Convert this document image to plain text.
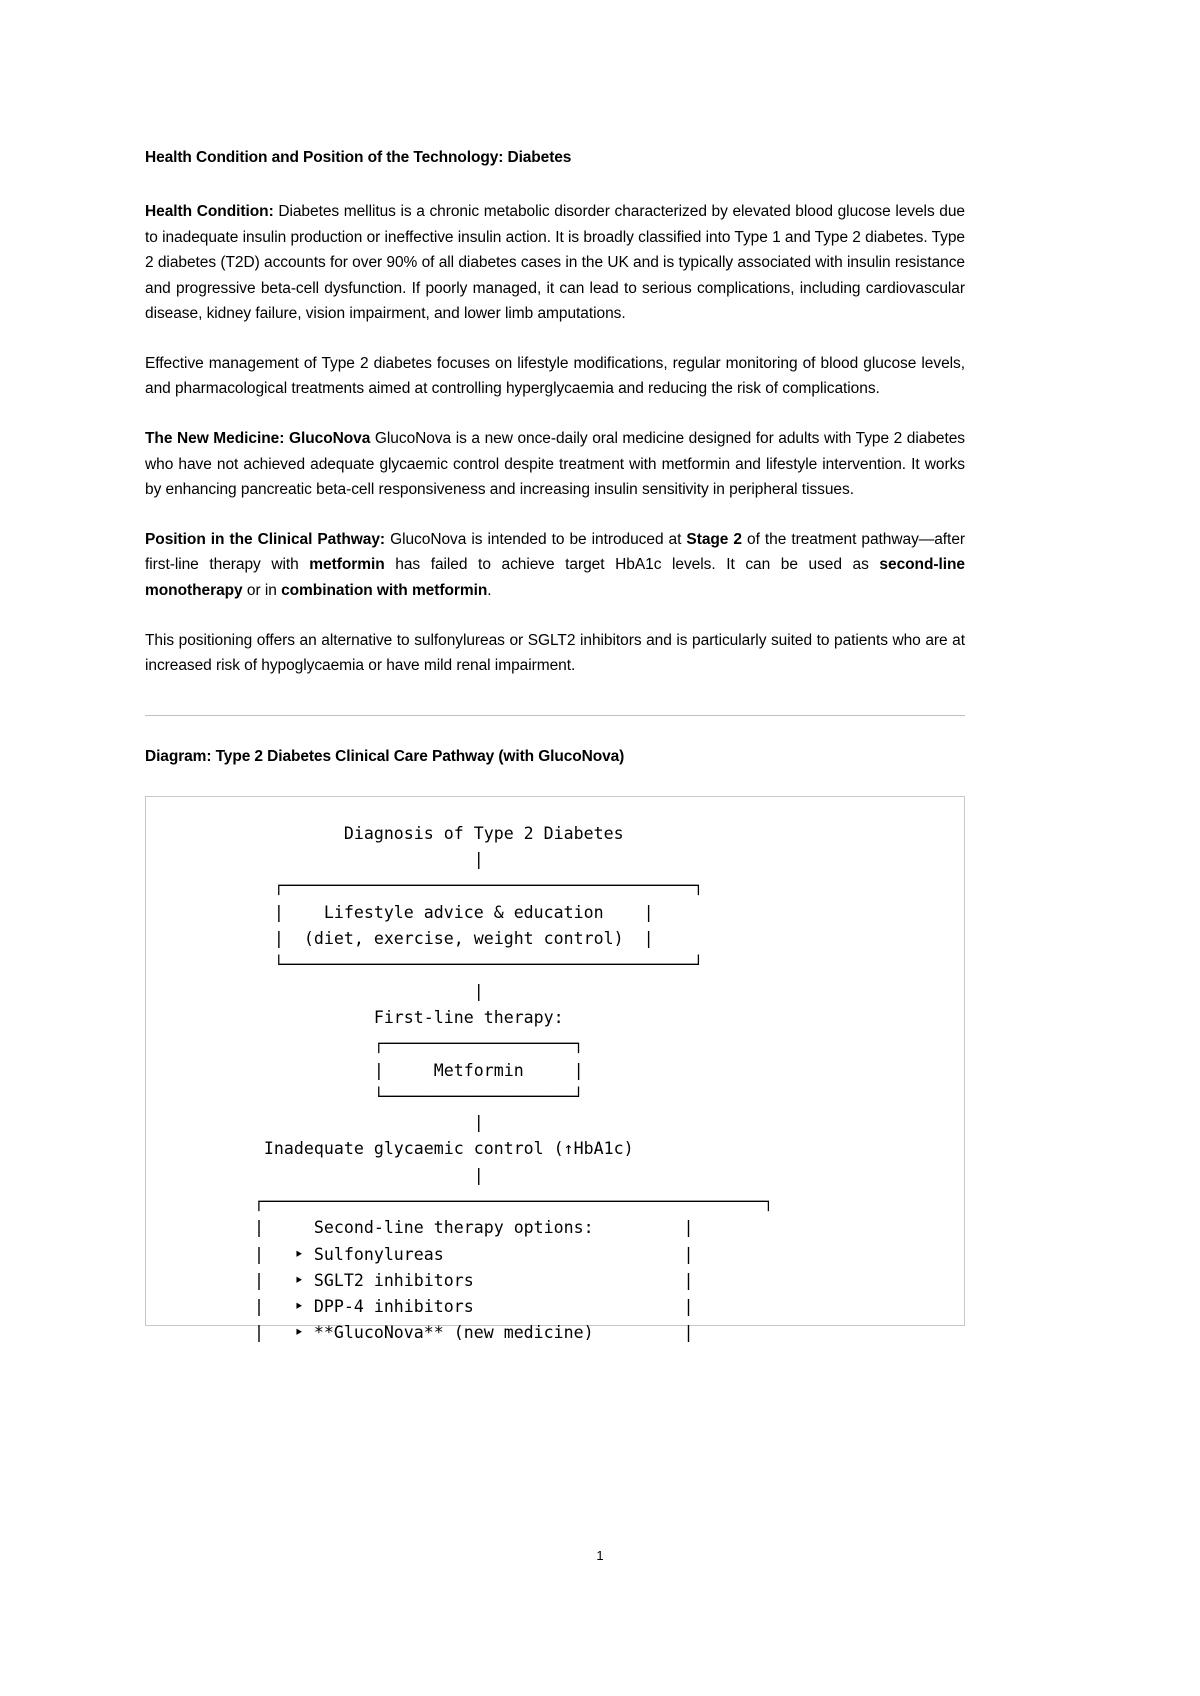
Health Condition and Position of the Technology: Diabetes

Health Condition: Diabetes mellitus is a chronic metabolic disorder characterized by elevated blood glucose levels due to inadequate insulin production or ineffective insulin action. It is broadly classified into Type 1 and Type 2 diabetes. Type 2 diabetes (T2D) accounts for over 90% of all diabetes cases in the UK and is typically associated with insulin resistance and progressive beta-cell dysfunction. If poorly managed, it can lead to serious complications, including cardiovascular disease, kidney failure, vision impairment, and lower limb amputations.

Effective management of Type 2 diabetes focuses on lifestyle modifications, regular monitoring of blood glucose levels, and pharmacological treatments aimed at controlling hyperglycaemia and reducing the risk of complications.

The New Medicine: GlucoNova GlucoNova is a new once-daily oral medicine designed for adults with Type 2 diabetes who have not achieved adequate glycaemic control despite treatment with metformin and lifestyle intervention. It works by enhancing pancreatic beta-cell responsiveness and increasing insulin sensitivity in peripheral tissues.

Position in the Clinical Pathway: GlucoNova is intended to be introduced at Stage 2 of the treatment pathway—after first-line therapy with metformin has failed to achieve target HbA1c levels. It can be used as second-line monotherapy or in combination with metformin.

This positioning offers an alternative to sulfonylureas or SGLT2 inhibitors and is particularly suited to patients who are at increased risk of hypoglycaemia or have mild renal impairment.

Diagram: Type 2 Diabetes Clinical Care Pathway (with GlucoNova)
Diagnosis of Type 2 Diabetes
|
┌─────────────────────────────────────────┐
|    Lifestyle advice & education    |
|  (diet, exercise, weight control)  |
└─────────────────────────────────────────┘
|
First-line therapy:
┌───────────────────┐
|     Metformin     |
└───────────────────┘
|
Inadequate glycaemic control (↑HbA1c)
|
┌──────────────────────────────────────────────────┐
|     Second-line therapy options:         |
|   ‣ Sulfonylureas                        |
|   ‣ SGLT2 inhibitors                     |
|   ‣ DPP-4 inhibitors                     |
|   ‣ **GlucoNova** (new medicine)         |
1
